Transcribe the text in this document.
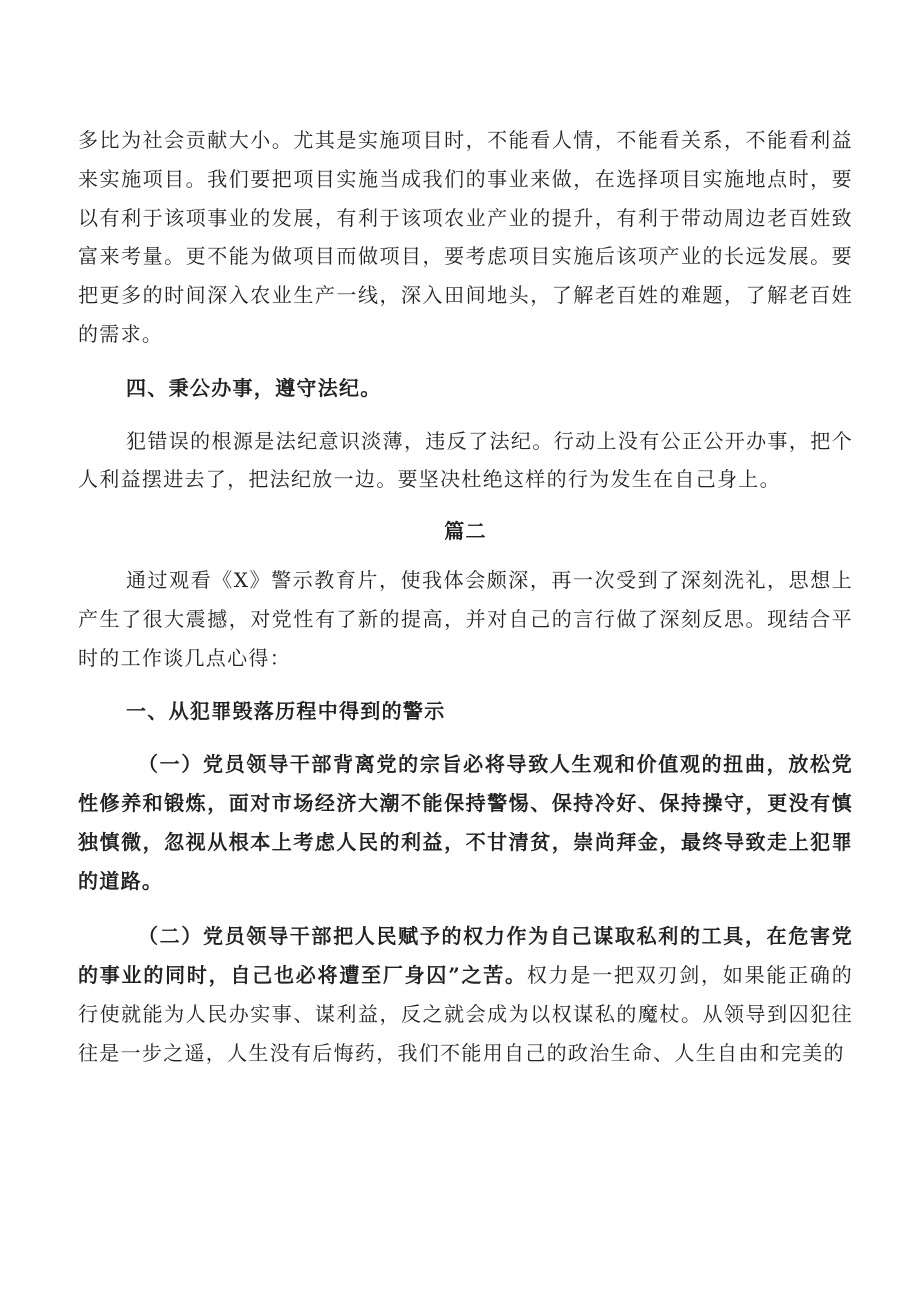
多比为社会贡献大小。尤其是实施项目时，不能看人情，不能看关系，不能看利益来实施项目。我们要把项目实施当成我们的事业来做，在选择项目实施地点时，要以有利于该项事业的发展，有利于该项农业产业的提升，有利于带动周边老百姓致富来考量。更不能为做项目而做项目，要考虑项目实施后该项产业的长远发展。要把更多的时间深入农业生产一线，深入田间地头，了解老百姓的难题，了解老百姓的需求。

四、秉公办事，遵守法纪。

犯错误的根源是法纪意识淡薄，违反了法纪。行动上没有公正公开办事，把个人利益摆进去了，把法纪放一边。要坚决杜绝这样的行为发生在自己身上。

篇二

通过观看《X》警示教育片，使我体会颇深，再一次受到了深刻洗礼，思想上产生了很大震撼，对党性有了新的提高，并对自己的言行做了深刻反思。现结合平时的工作谈几点心得：

一、从犯罪毁落历程中得到的警示

（一）党员领导干部背离党的宗旨必将导致人生观和价值观的扭曲，放松党性修养和锻炼，面对市场经济大潮不能保持警惕、保持冷好、保持操守，更没有慎独慎微，忽视从根本上考虑人民的利益，不甘清贫，崇尚拜金，最终导致走上犯罪的道路。

（二）党员领导干部把人民赋予的权力作为自己谋取私利的工具，在危害党的事业的同时，自己也必将遭至厂身囚”之苦。权力是一把双刃剑，如果能正确的行使就能为人民办实事、谋利益，反之就会成为以权谋私的魔杖。从领导到囚犯往往是一步之遥，人生没有后悔药，我们不能用自己的政治生命、人生自由和完美的
